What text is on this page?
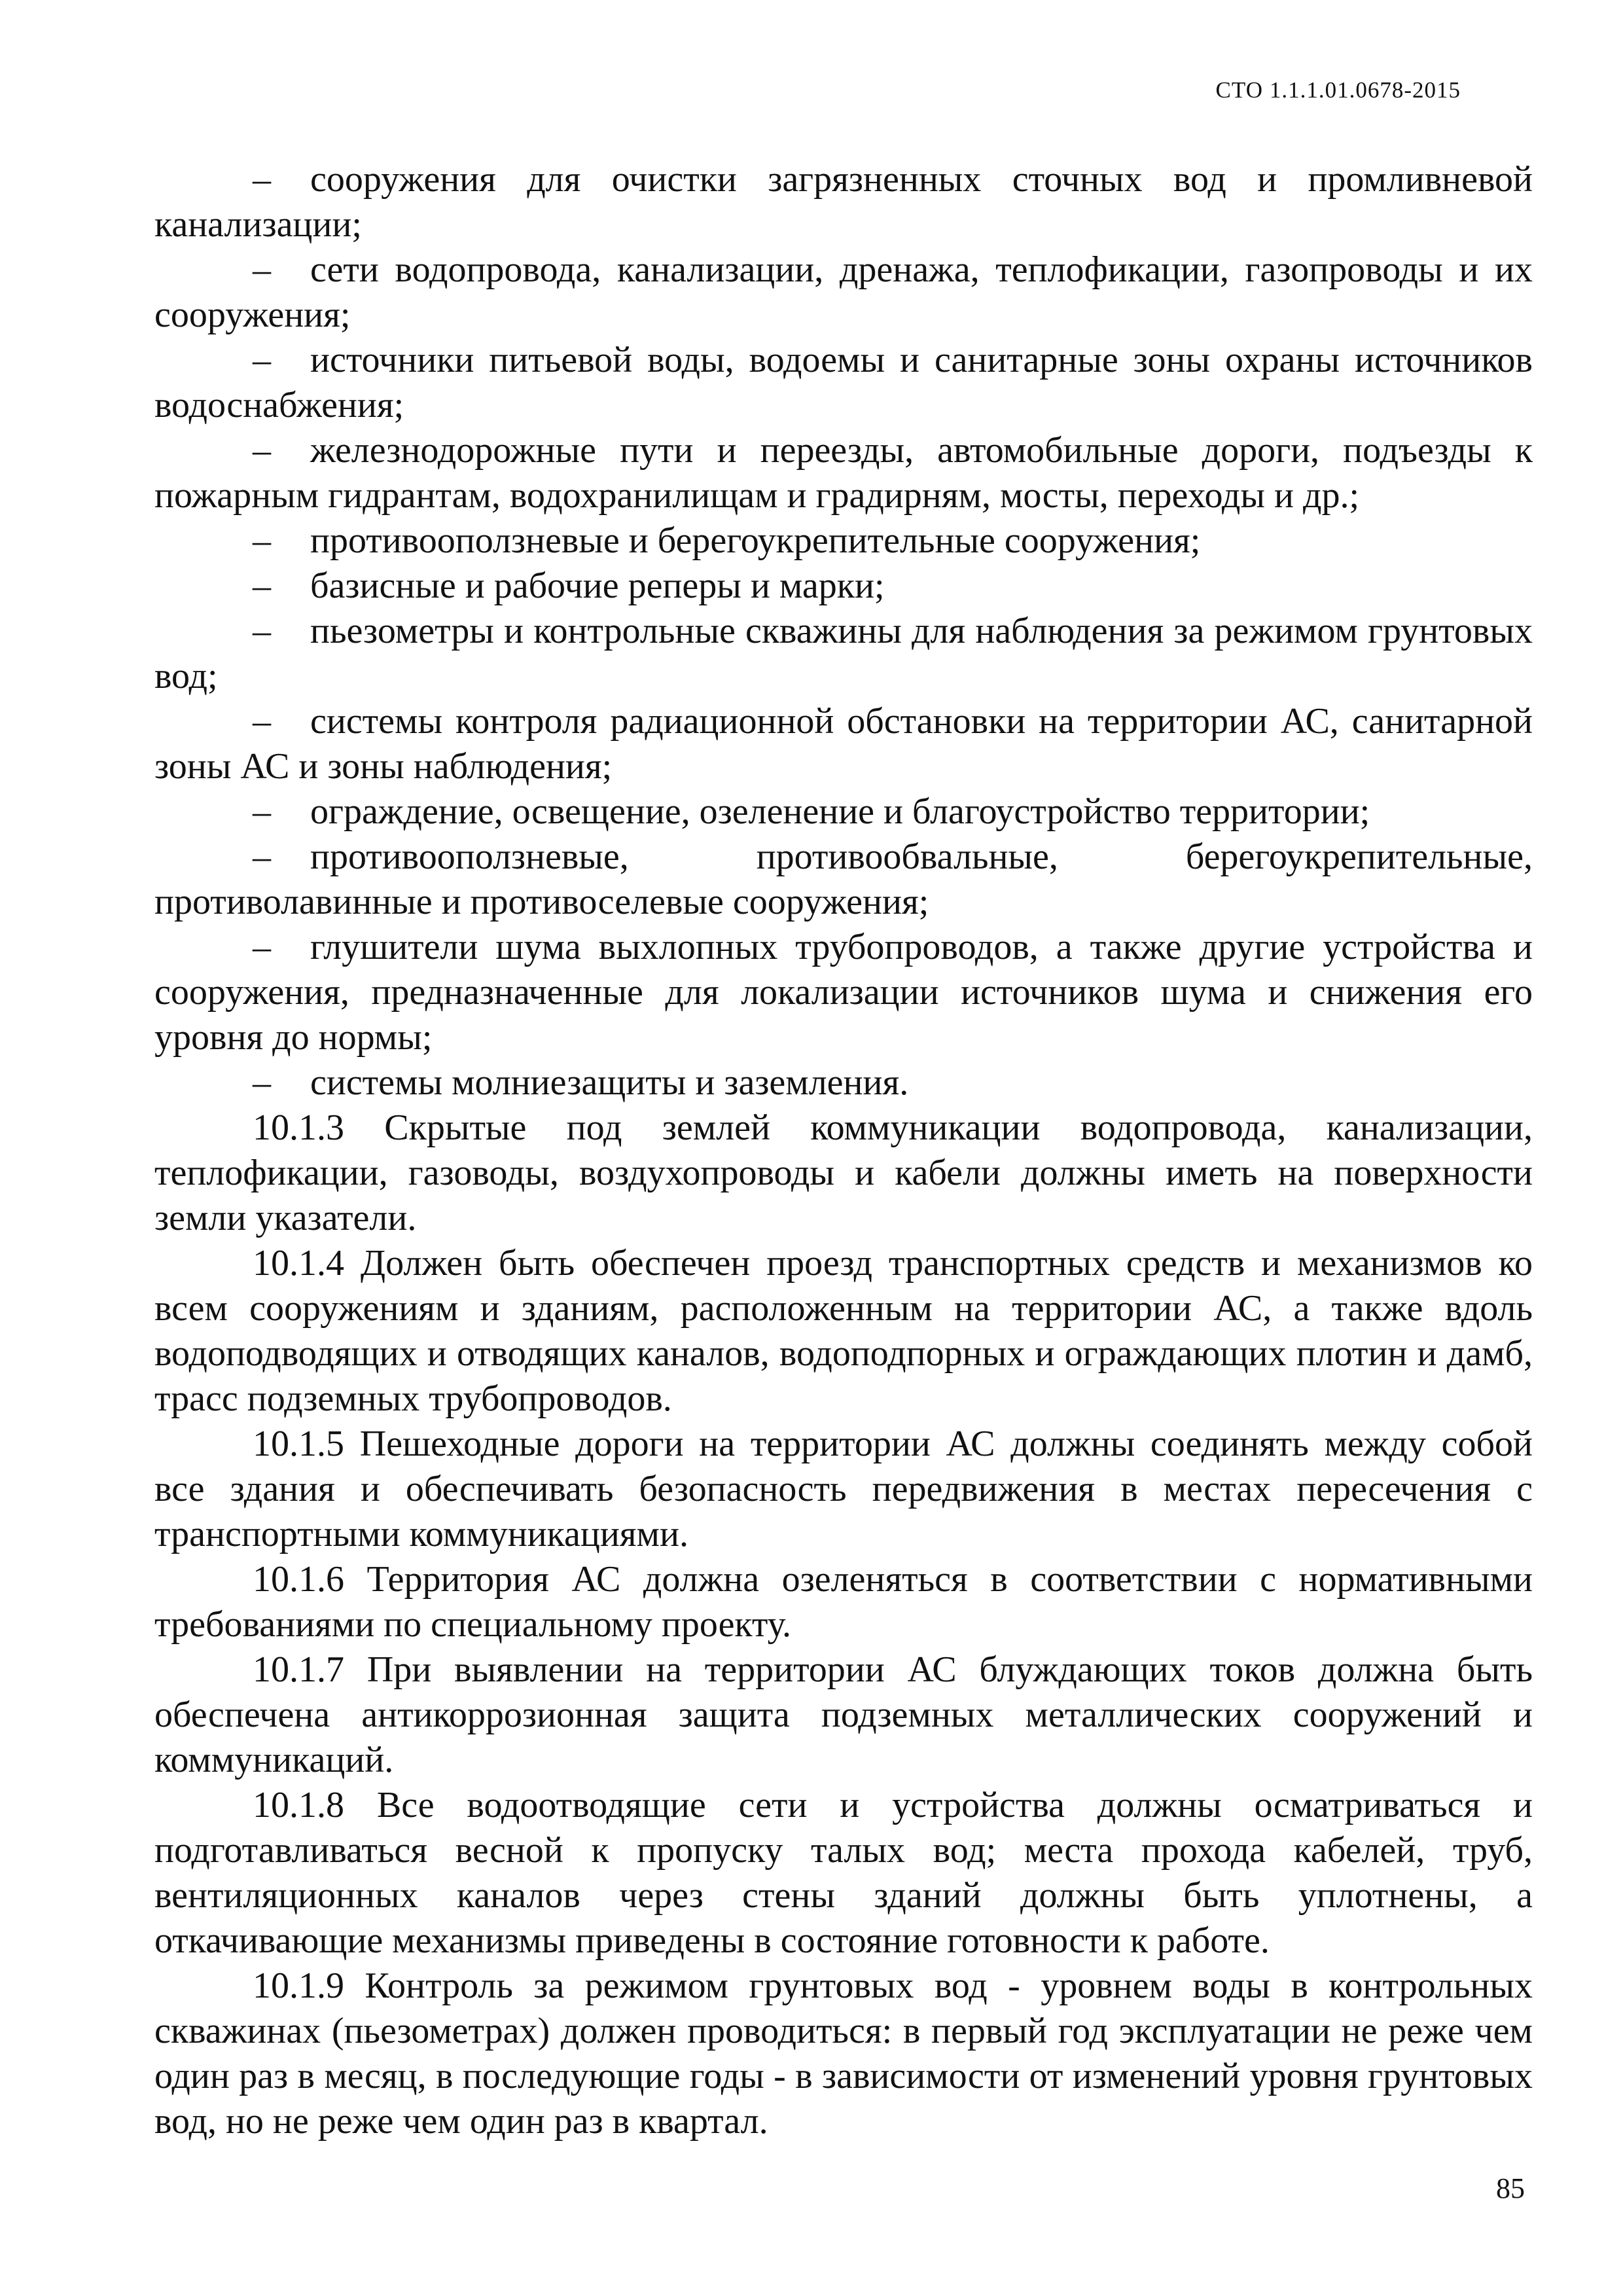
СТО 1.1.1.01.0678-2015

– сооружения для очистки загрязненных сточных вод и промливневой канализации;

– сети водопровода, канализации, дренажа, теплофикации, газопроводы и их сооружения;

– источники питьевой воды, водоемы и санитарные зоны охраны источников водоснабжения;

– железнодорожные пути и переезды, автомобильные дороги, подъезды к пожарным гидрантам, водохранилищам и градирням, мосты, переходы и др.;

– противооползневые и берегоукрепительные сооружения;

– базисные и рабочие реперы и марки;

– пьезометры и контрольные скважины для наблюдения за режимом грунтовых вод;

– системы контроля радиационной обстановки на территории АС, санитарной зоны АС и зоны наблюдения;

– ограждение, освещение, озеленение и благоустройство территории;

– противооползневые, противообвальные, берегоукрепительные, противолавинные и противоселевые сооружения;

– глушители шума выхлопных трубопроводов, а также другие устройства и сооружения, предназначенные для локализации источников шума и снижения его уровня до нормы;

– системы молниезащиты и заземления.

10.1.3 Скрытые под землей коммуникации водопровода, канализации, теплофикации, газоводы, воздухопроводы и кабели должны иметь на поверхности земли указатели.

10.1.4 Должен быть обеспечен проезд транспортных средств и механизмов ко всем сооружениям и зданиям, расположенным на территории АС, а также вдоль водоподводящих и отводящих каналов, водоподпорных и ограждающих плотин и дамб, трасс подземных трубопроводов.

10.1.5 Пешеходные дороги на территории АС должны соединять между собой все здания и обеспечивать безопасность передвижения в местах пересечения с транспортными коммуникациями.

10.1.6 Территория АС должна озеленяться в соответствии с нормативными требованиями по специальному проекту.

10.1.7 При выявлении на территории АС блуждающих токов должна быть обеспечена антикоррозионная защита подземных металлических сооружений и коммуникаций.

10.1.8 Все водоотводящие сети и устройства должны осматриваться и подготавливаться весной к пропуску талых вод; места прохода кабелей, труб, вентиляционных каналов через стены зданий должны быть уплотнены, а откачивающие механизмы приведены в состояние готовности к работе.

10.1.9 Контроль за режимом грунтовых вод - уровнем воды в контрольных скважинах (пьезометрах) должен проводиться: в первый год эксплуатации не реже чем один раз в месяц, в последующие годы - в зависимости от изменений уровня грунтовых вод, но не реже чем один раз в квартал.

85
